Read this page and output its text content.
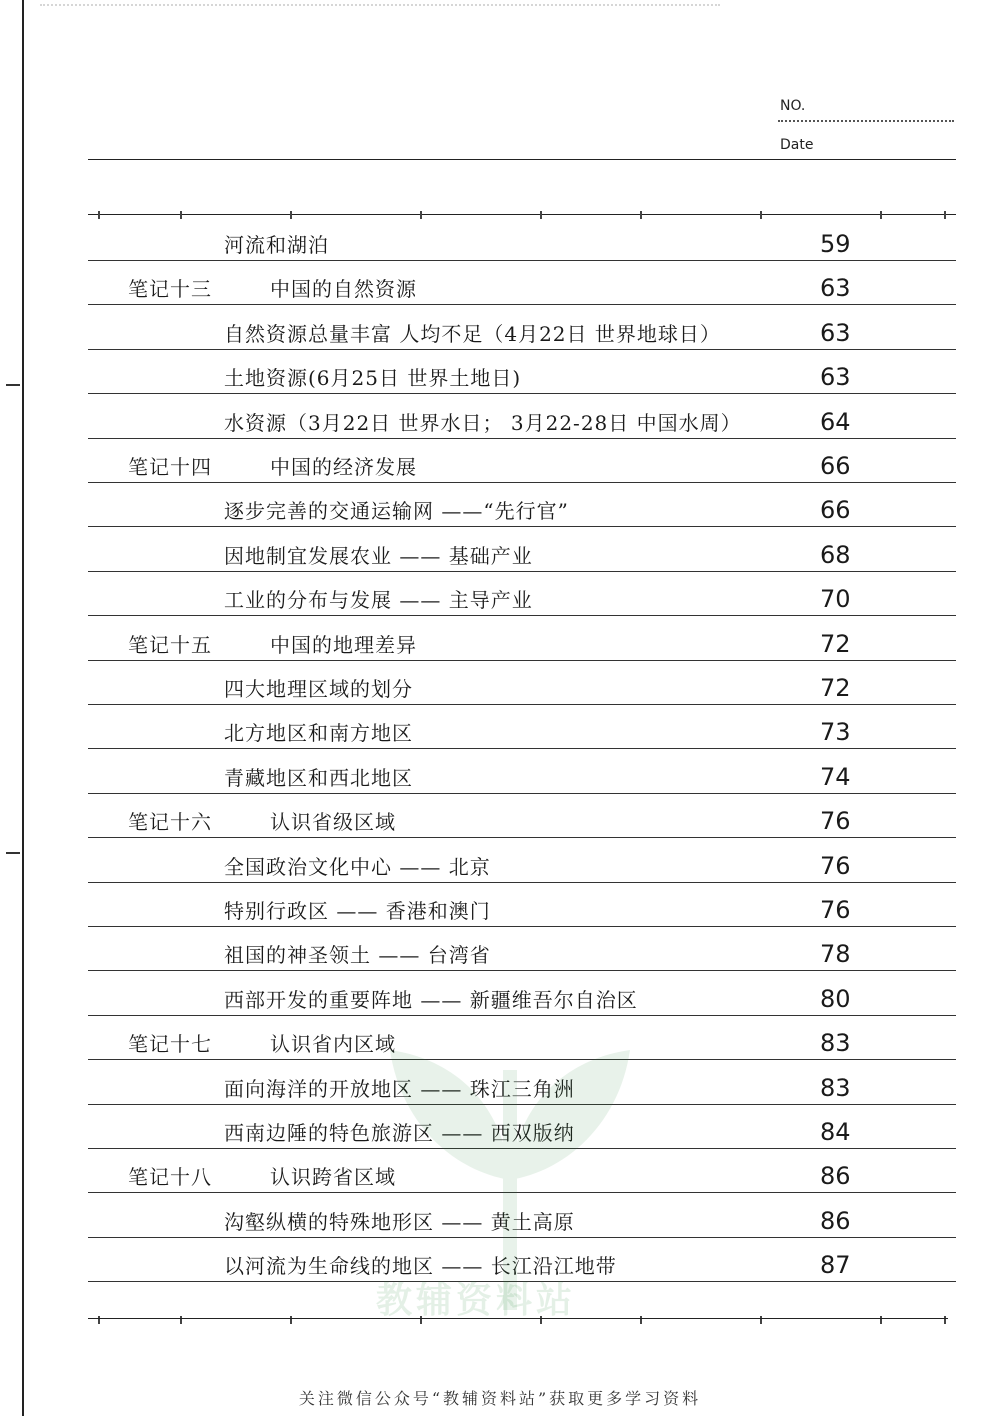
NO.
Date
河流和湖泊	59
笔记十三	中国的自然资源	63
自然资源总量丰富 人均不足（4月22日 世界地球日）	63
土地资源(6月25日 世界土地日)	63
水资源（3月22日 世界水日； 3月22-28日 中国水周）	64
笔记十四	中国的经济发展	66
逐步完善的交通运输网 ——“先行官”	66
因地制宜发展农业 —— 基础产业	68
工业的分布与发展 —— 主导产业	70
笔记十五	中国的地理差异	72
四大地理区域的划分	72
北方地区和南方地区	73
青藏地区和西北地区	74
笔记十六	认识省级区域	76
全国政治文化中心 —— 北京	76
特别行政区 —— 香港和澳门	76
祖国的神圣领土 —— 台湾省	78
西部开发的重要阵地 —— 新疆维吾尔自治区	80
笔记十七	认识省内区域	83
面向海洋的开放地区 —— 珠江三角洲	83
西南边陲的特色旅游区 —— 西双版纳	84
笔记十八	认识跨省区域	86
沟壑纵横的特殊地形区 —— 黄土高原	86
以河流为生命线的地区 —— 长江沿江地带	87
教辅资料站
关注微信公众号“教辅资料站”获取更多学习资料
